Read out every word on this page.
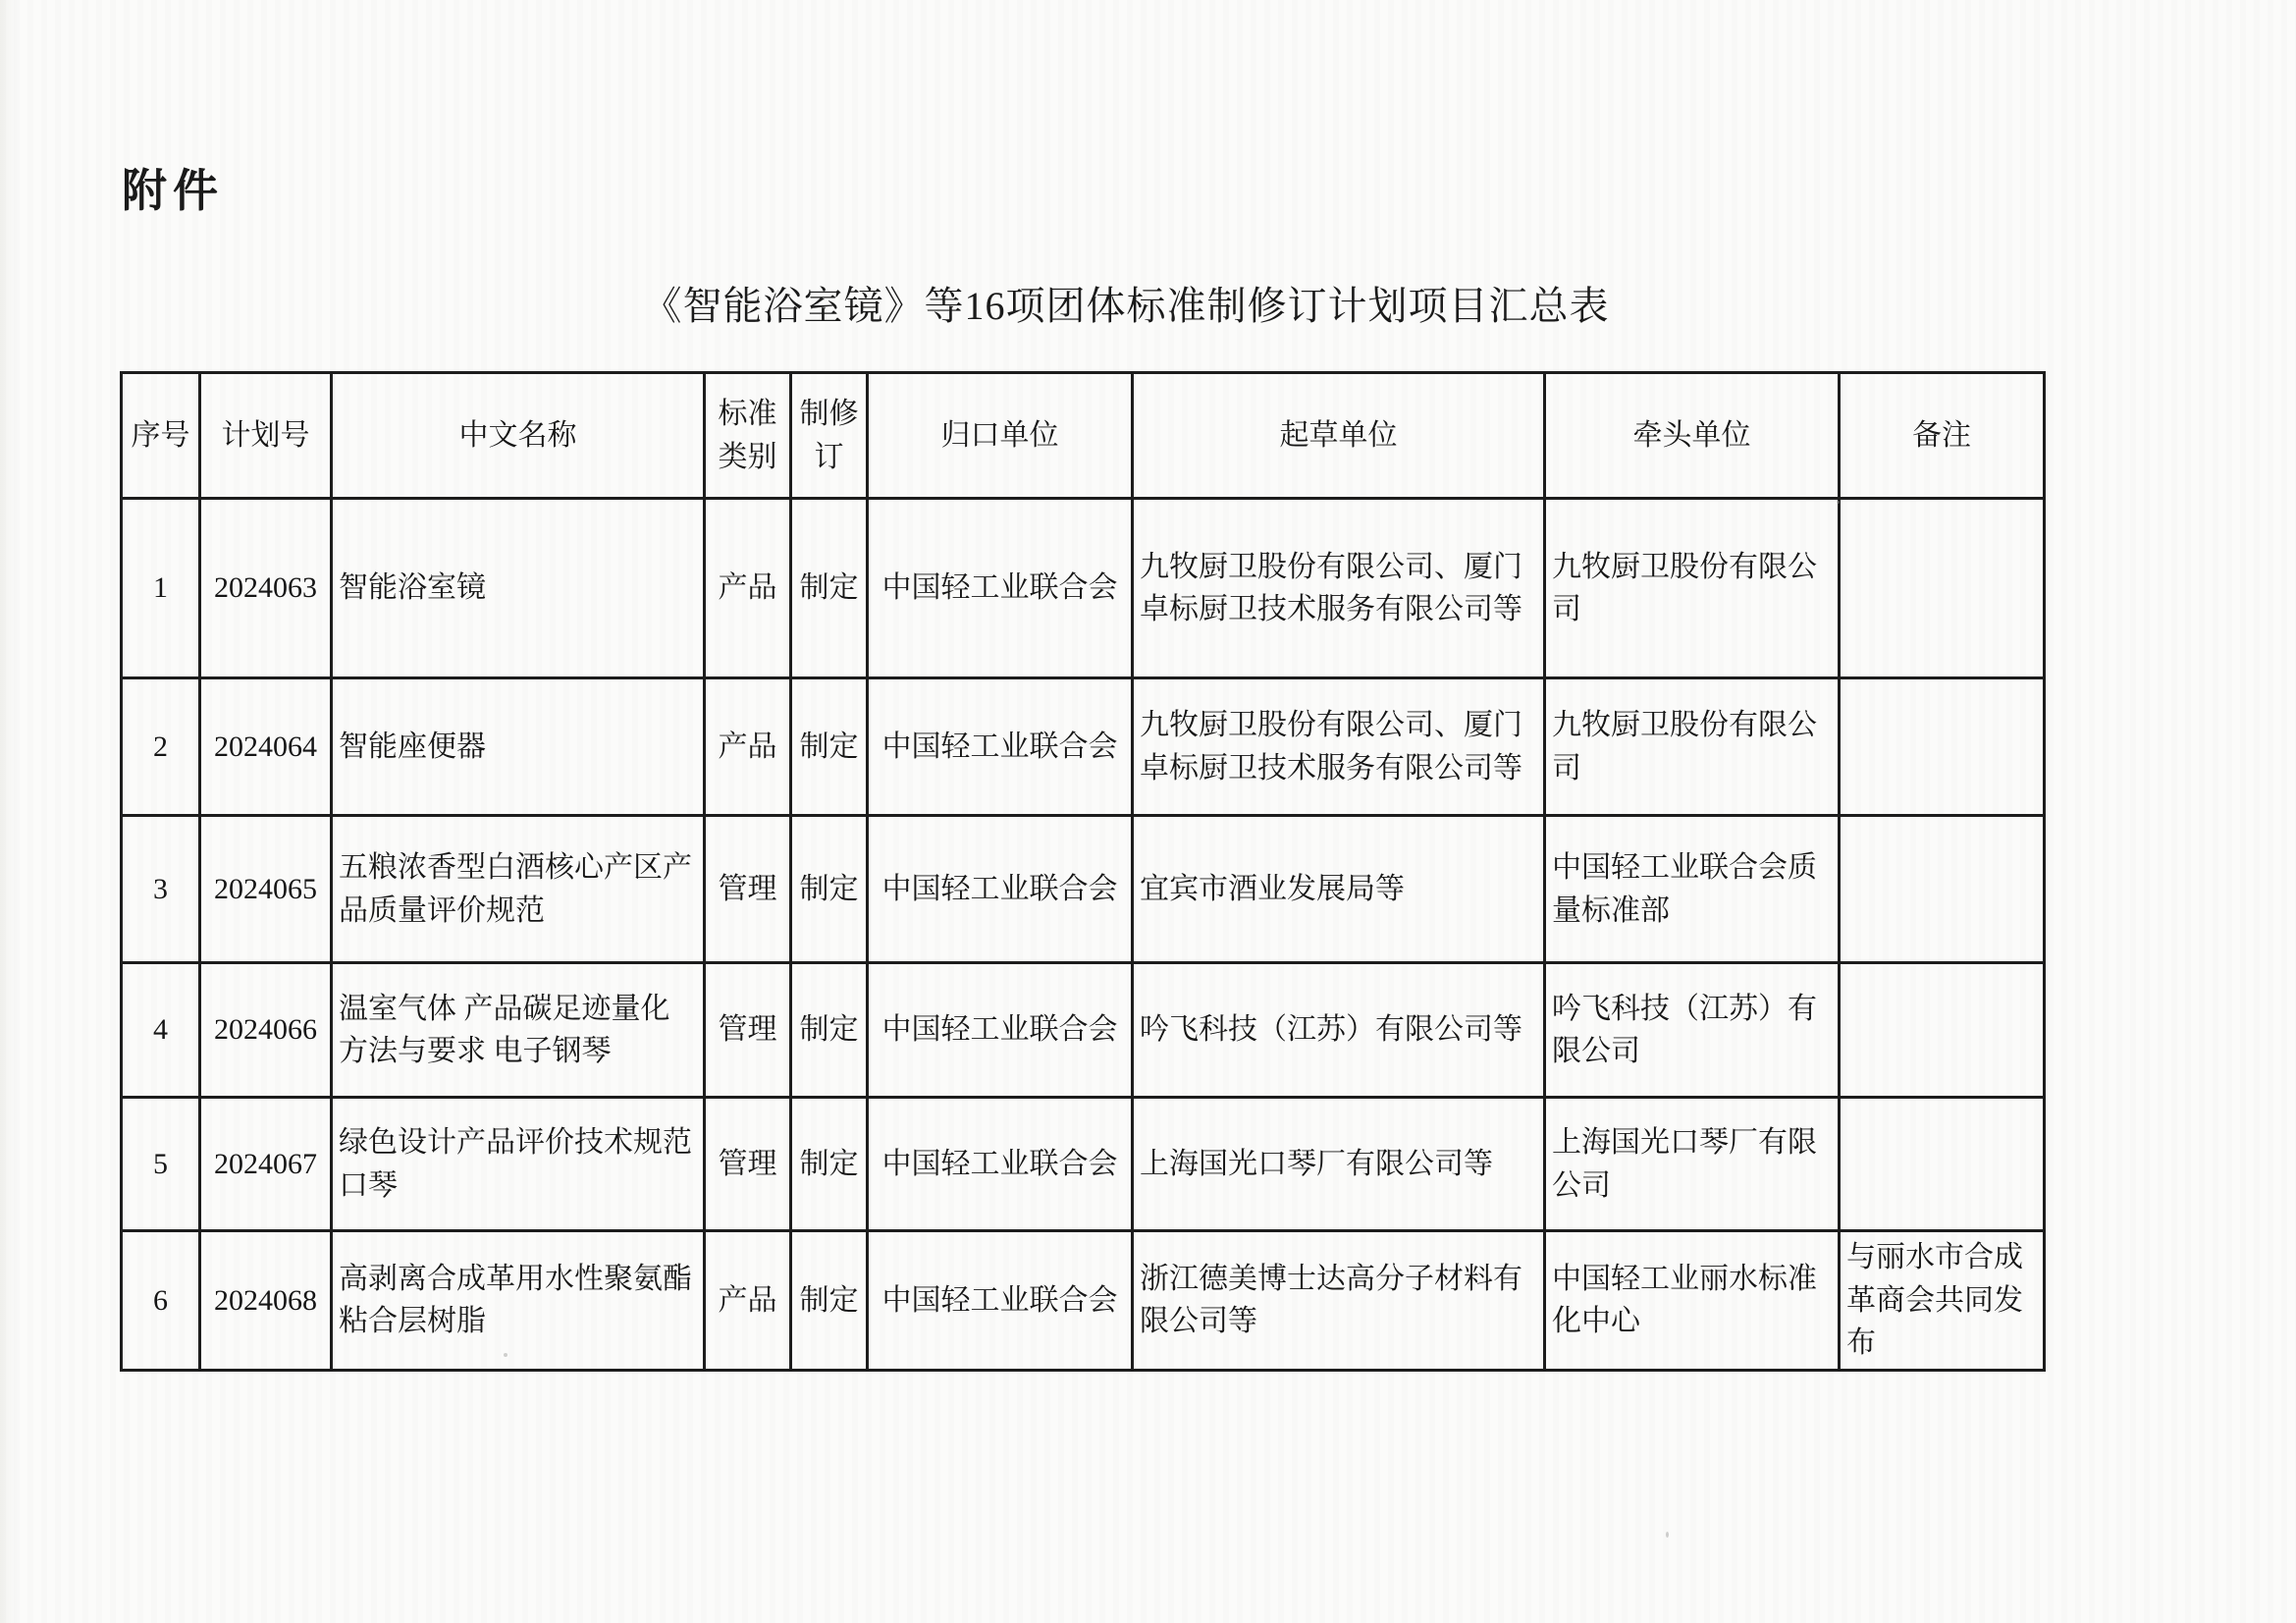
附件
《智能浴室镜》等16项团体标准制修订计划项目汇总表
序号	计划号	中文名称	标准类别	制修订	归口单位	起草单位	牵头单位	备注
1	2024063	智能浴室镜	产品	制定	中国轻工业联合会	九牧厨卫股份有限公司、厦门卓标厨卫技术服务有限公司等	九牧厨卫股份有限公司	
2	2024064	智能座便器	产品	制定	中国轻工业联合会	九牧厨卫股份有限公司、厦门卓标厨卫技术服务有限公司等	九牧厨卫股份有限公司	
3	2024065	五粮浓香型白酒核心产区产品质量评价规范	管理	制定	中国轻工业联合会	宜宾市酒业发展局等	中国轻工业联合会质量标准部	
4	2024066	温室气体 产品碳足迹量化方法与要求 电子钢琴	管理	制定	中国轻工业联合会	吟飞科技（江苏）有限公司等	吟飞科技（江苏）有限公司	
5	2024067	绿色设计产品评价技术规范 口琴	管理	制定	中国轻工业联合会	上海国光口琴厂有限公司等	上海国光口琴厂有限公司	
6	2024068	高剥离合成革用水性聚氨酯粘合层树脂	产品	制定	中国轻工业联合会	浙江德美博士达高分子材料有限公司等	中国轻工业丽水标准化中心	与丽水市合成革商会共同发布
